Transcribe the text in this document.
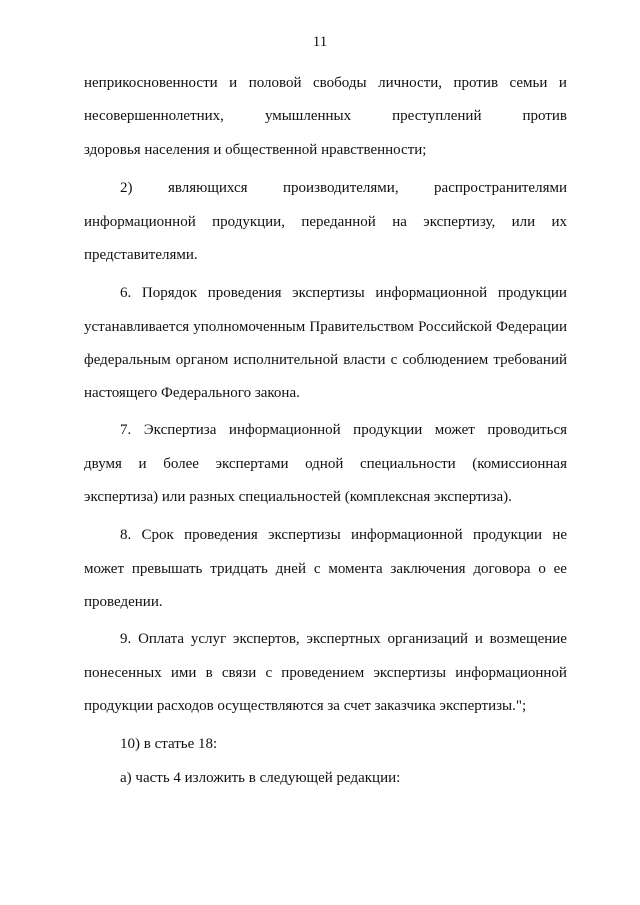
11
неприкосновенности и половой свободы личности, против семьи и
несовершеннолетних,	умышленных	преступлений	против
здоровья населения и общественной нравственности;
2) являющихся производителями, распространителями
информационной продукции, переданной на экспертизу, или их
представителями.
6. Порядок проведения экспертизы информационной продукции
устанавливается уполномоченным Правительством Российской Федерации
федеральным органом исполнительной власти с соблюдением требований
настоящего Федерального закона.
7. Экспертиза информационной продукции может проводиться
двумя и более экспертами одной специальности (комиссионная
экспертиза) или разных специальностей (комплексная экспертиза).
8. Срок проведения экспертизы информационной продукции не
может превышать тридцать дней с момента заключения договора о ее
проведении.
9. Оплата услуг экспертов, экспертных организаций и возмещение
понесенных ими в связи с проведением экспертизы информационной
продукции расходов осуществляются за счет заказчика экспертизы.";
10) в статье 18:
а) часть 4 изложить в следующей редакции:
